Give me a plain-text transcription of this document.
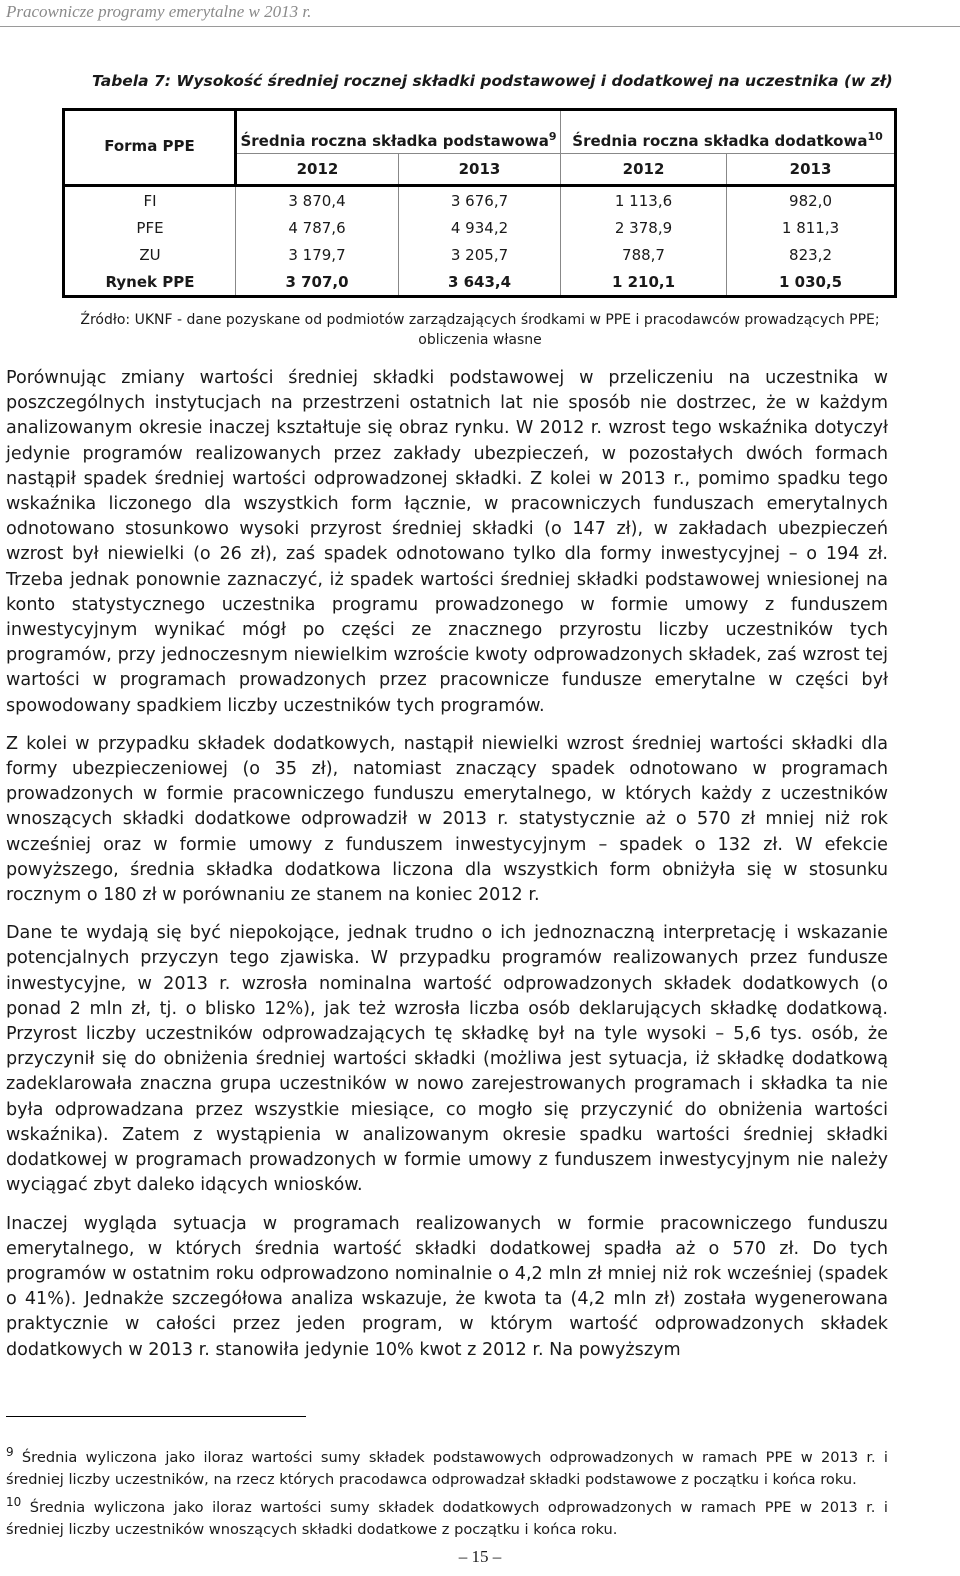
Pracownicze programy emerytalne w 2013 r.
Tabela 7: Wysokość średniej rocznej składki podstawowej i dodatkowej na uczestnika (w zł)
Forma PPE	Średnia roczna składka podstawowa$^9$		Średnia roczna składka dodatkowa$^{10}$
	2012	2013	2012	2013
FI	3 870,4	3 676,7	1 113,6	982,0
PFE	4 787,6	4 934,2	2 378,9	1 811,3
ZU	3 179,7	3 205,7	788,7	823,2
Rynek PPE	3 707,0	3 643,4	1 210,1	1 030,5
Źródło: UKNF - dane pozyskane od podmiotów zarządzających środkami w PPE i pracodawców prowadzących PPE;
obliczenia własne

Porównując zmiany wartości średniej składki podstawowej w przeliczeniu na uczestnika w poszczególnych instytucjach na przestrzeni ostatnich lat nie sposób nie dostrzec, że w każdym analizowanym okresie inaczej kształtuje się obraz rynku. W 2012 r. wzrost tego wskaźnika dotyczył jedynie programów realizowanych przez zakłady ubezpieczeń, w pozostałych dwóch formach nastąpił spadek średniej wartości odprowadzonej składki. Z kolei w 2013 r., pomimo spadku tego wskaźnika liczonego dla wszystkich form łącznie, w pracowniczych funduszach emerytalnych odnotowano stosunkowo wysoki przyrost średniej składki (o 147 zł), w zakładach ubezpieczeń wzrost był niewielki (o 26 zł), zaś spadek odnotowano tylko dla formy inwestycyjnej – o 194 zł. Trzeba jednak ponownie zaznaczyć, iż spadek wartości średniej składki podstawowej wniesionej na konto statystycznego uczestnika programu prowadzonego w formie umowy z funduszem inwestycyjnym wynikać mógł po części ze znacznego przyrostu liczby uczestników tych programów, przy jednoczesnym niewielkim wzroście kwoty odprowadzonych składek, zaś wzrost tej wartości w programach prowadzonych przez pracownicze fundusze emerytalne w części był spowodowany spadkiem liczby uczestników tych programów.

Z kolei w przypadku składek dodatkowych, nastąpił niewielki wzrost średniej wartości składki dla formy ubezpieczeniowej (o 35 zł), natomiast znaczący spadek odnotowano w programach prowadzonych w formie pracowniczego funduszu emerytalnego, w których każdy z uczestników wnoszących składki dodatkowe odprowadził w 2013 r. statystycznie aż o 570 zł mniej niż rok wcześniej oraz w formie umowy z funduszem inwestycyjnym – spadek o 132 zł. W efekcie powyższego, średnia składka dodatkowa liczona dla wszystkich form obniżyła się w stosunku rocznym o 180 zł w porównaniu ze stanem na koniec 2012 r.

Dane te wydają się być niepokojące, jednak trudno o ich jednoznaczną interpretację i wskazanie potencjalnych przyczyn tego zjawiska. W przypadku programów realizowanych przez fundusze inwestycyjne, w 2013 r. wzrosła nominalna wartość odprowadzonych składek dodatkowych (o ponad 2 mln zł, tj. o blisko 12%), jak też wzrosła liczba osób deklarujących składkę dodatkową. Przyrost liczby uczestników odprowadzających tę składkę był na tyle wysoki – 5,6 tys. osób, że przyczynił się do obniżenia średniej wartości składki (możliwa jest sytuacja, iż składkę dodatkową zadeklarowała znaczna grupa uczestników w nowo zarejestrowanych programach i składka ta nie była odprowadzana przez wszystkie miesiące, co mogło się przyczynić do obniżenia wartości wskaźnika). Zatem z wystąpienia w analizowanym okresie spadku wartości średniej składki dodatkowej w programach prowadzonych w formie umowy z funduszem inwestycyjnym nie należy wyciągać zbyt daleko idących wniosków.

Inaczej wygląda sytuacja w programach realizowanych w formie pracowniczego funduszu emerytalnego, w których średnia wartość składki dodatkowej spadła aż o 570 zł. Do tych programów w ostatnim roku odprowadzono nominalnie o 4,2 mln zł mniej niż rok wcześniej (spadek o 41%). Jednakże szczegółowa analiza wskazuje, że kwota ta (4,2 mln zł) została wygenerowana praktycznie w całości przez jeden program, w którym wartość odprowadzonych składek dodatkowych w 2013 r. stanowiła jedynie 10% kwot z 2012 r. Na powyższym

$^9$ Średnia wyliczona jako iloraz wartości sumy składek podstawowych odprowadzonych w ramach PPE w 2013 r. i średniej liczby uczestników, na rzecz których pracodawca odprowadzał składki podstawowe z początku i końca roku.

$^{10}$ Średnia wyliczona jako iloraz wartości sumy składek dodatkowych odprowadzonych w ramach PPE w 2013 r. i średniej liczby uczestników wnoszących składki dodatkowe z początku i końca roku.

– 15 –
